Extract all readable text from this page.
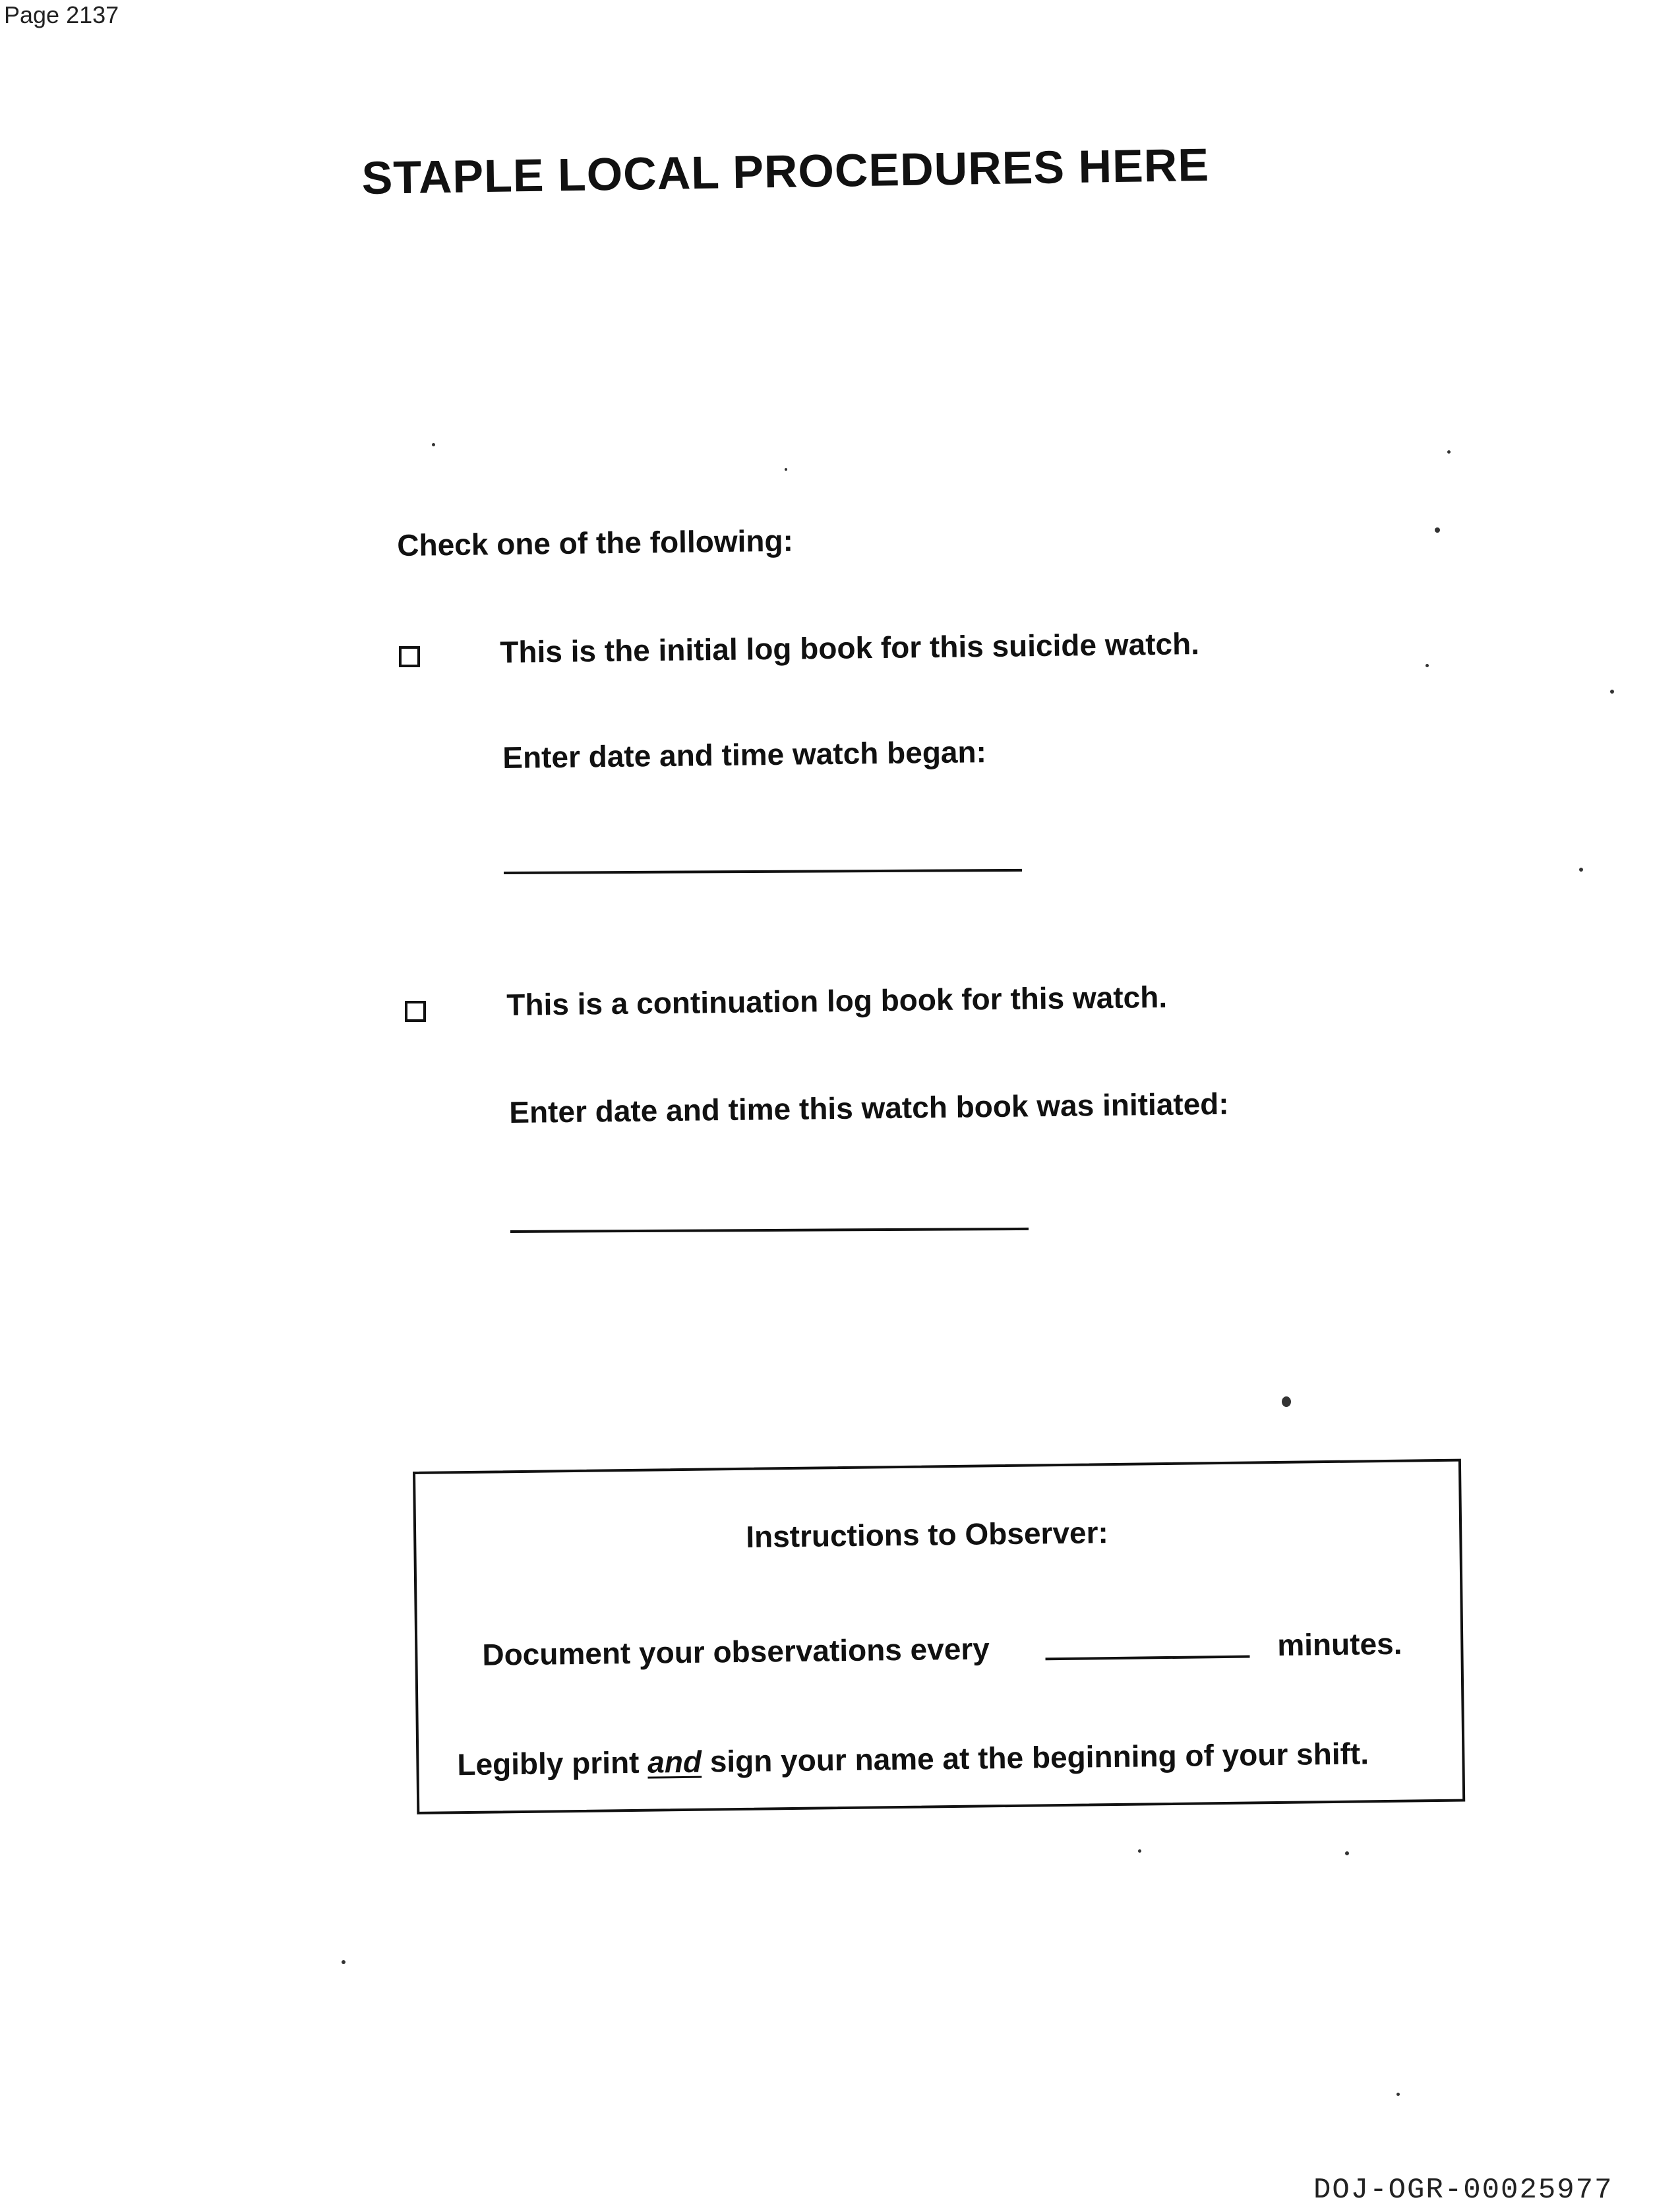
Page 2137
STAPLE LOCAL PROCEDURES HERE
Check one of the following:
This is the initial log book for this suicide watch.
Enter date and time watch began:
This is a continuation log book for this watch.
Enter date and time this watch book was initiated:
Instructions to Observer:
Document your observations every	minutes.
Legibly print and sign your name at the beginning of your shift.
DOJ-OGR-00025977
